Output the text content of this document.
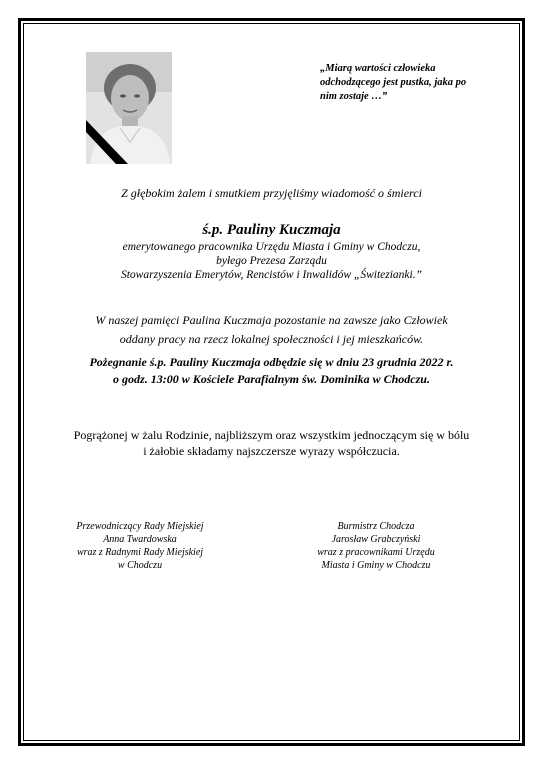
„Miarą wartości człowieka
odchodzącego jest pustka, jaka po
nim zostaje …”
Z głębokim żalem i smutkiem przyjęliśmy wiadomość o śmierci
ś.p. Pauliny Kuczmaja
emerytowanego pracownika Urzędu Miasta i Gminy w Chodczu,
byłego Prezesa Zarządu
Stowarzyszenia Emerytów, Rencistów i Inwalidów „Świtezianki.”
W naszej pamięci Paulina Kuczmaja pozostanie na zawsze jako Człowiek
oddany pracy na rzecz lokalnej społeczności i jej mieszkańców.
Pożegnanie ś.p. Pauliny Kuczmaja odbędzie się w dniu 23 grudnia 2022 r.
o godz. 13:00 w Kościele Parafialnym św. Dominika w Chodczu.
Pogrążonej w żalu Rodzinie, najbliższym oraz wszystkim jednoczącym się w bólu
i żałobie składamy najszczersze wyrazy współczucia.
Przewodniczący Rady Miejskiej
Anna Twardowska
wraz z Radnymi Rady Miejskiej
w Chodczu
Burmistrz Chodcza
Jarosław Grabczyński
wraz z pracownikami Urzędu
Miasta i Gminy w Chodczu
